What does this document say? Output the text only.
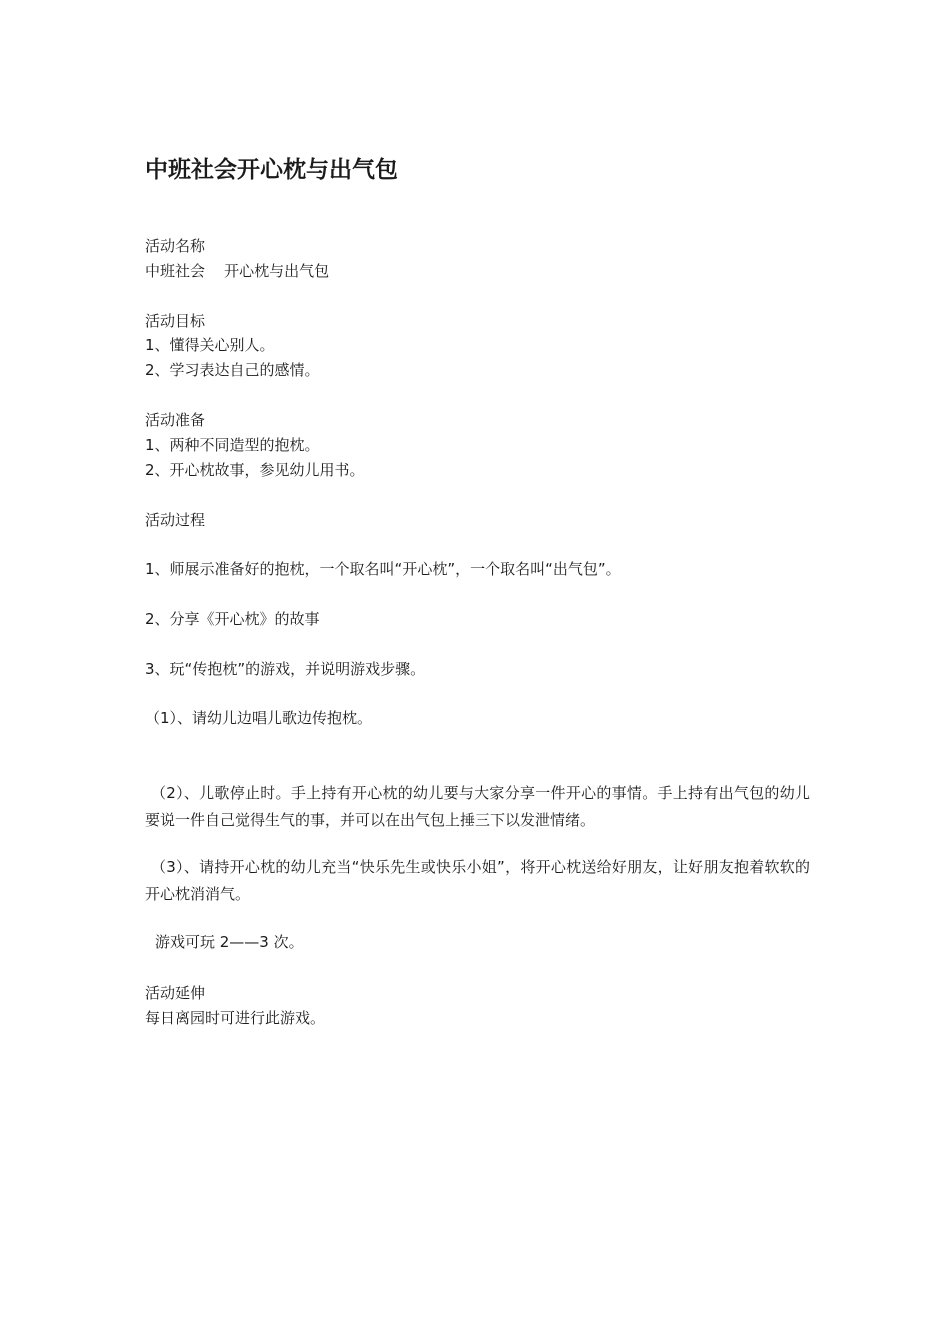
中班社会开心枕与出气包
活动名称
中班社会    开心枕与出气包
活动目标
1、懂得关心别人。
2、学习表达自己的感情。
活动准备
1、两种不同造型的抱枕。
2、开心枕故事，参见幼儿用书。
活动过程
1、师展示准备好的抱枕，一个取名叫“开心枕”，一个取名叫“出气包”。
2、分享《开心枕》的故事
3、玩“传抱枕”的游戏，并说明游戏步骤。
（1）、请幼儿边唱儿歌边传抱枕。
（2）、儿歌停止时。手上持有开心枕的幼儿要与大家分享一件开心的事情。手上持有出气包的幼儿要说一件自己觉得生气的事，并可以在出气包上捶三下以发泄情绪。
（3）、请持开心枕的幼儿充当“快乐先生或快乐小姐”，将开心枕送给好朋友，让好朋友抱着软软的开心枕消消气。
游戏可玩 2——3 次。
活动延伸
每日离园时可进行此游戏。
